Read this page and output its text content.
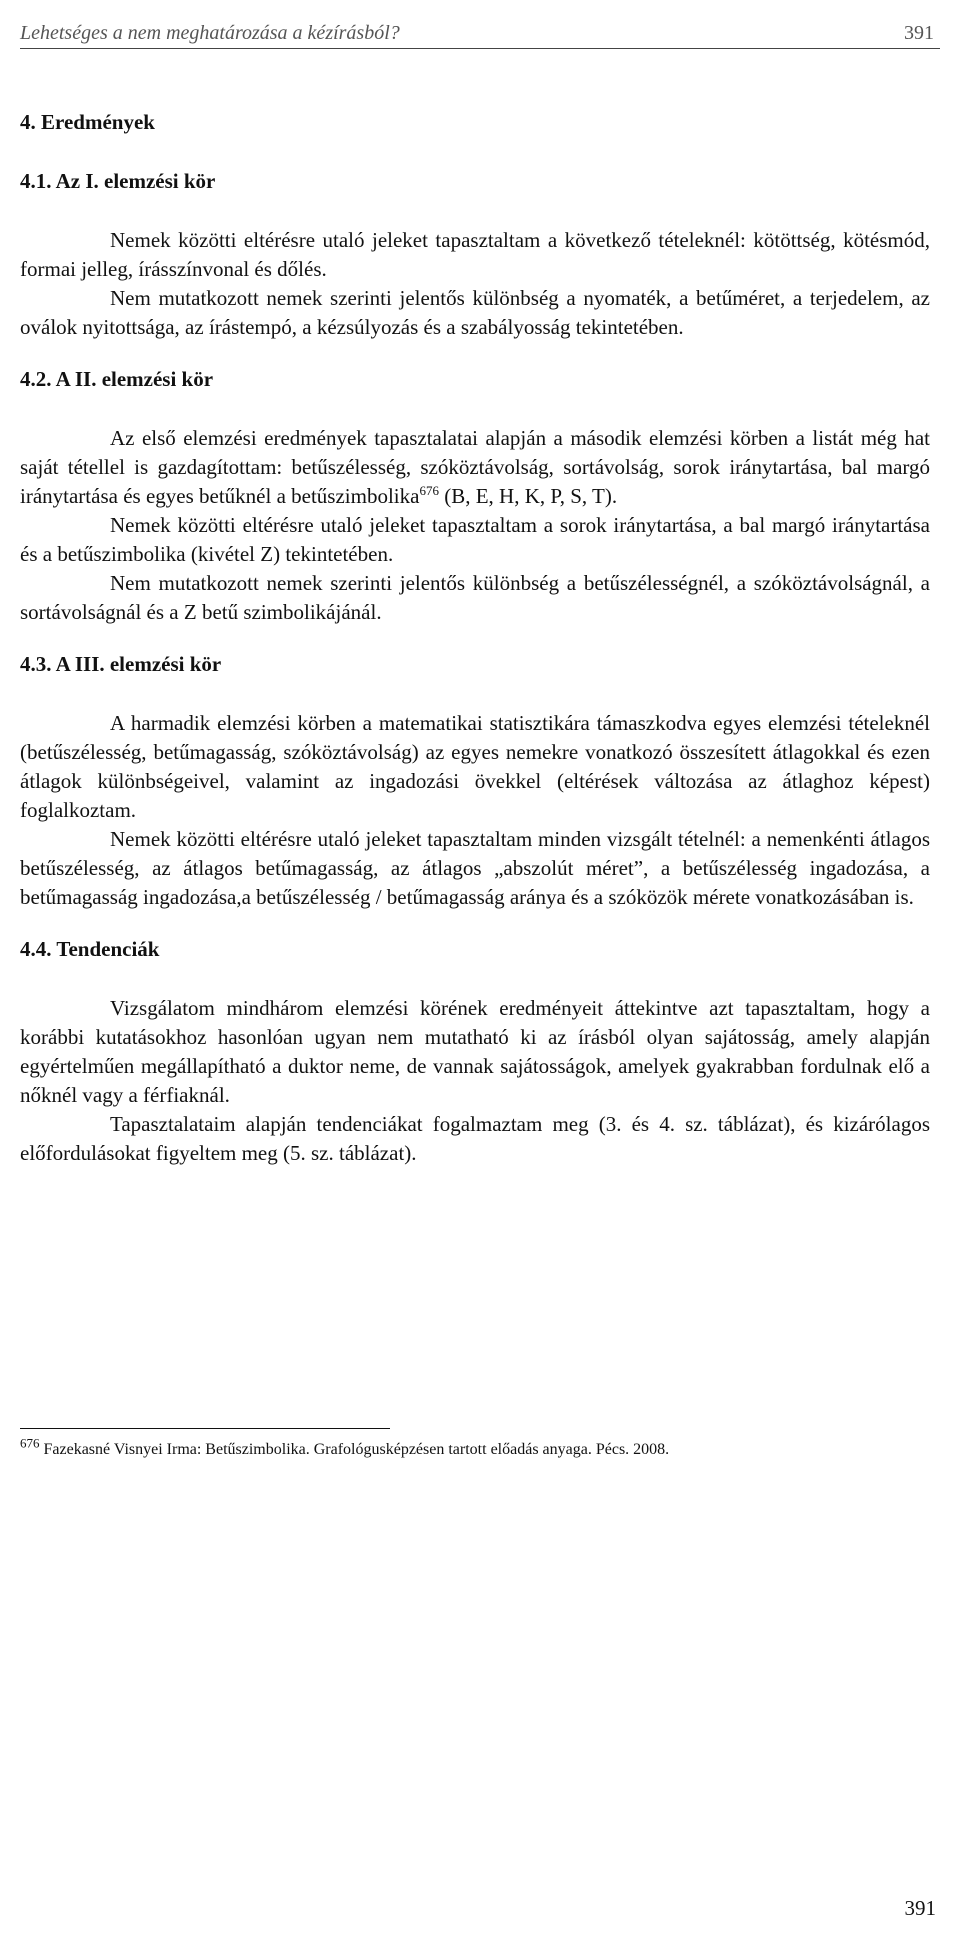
Lehetséges a nem meghatározása a kézírásból?	391
4. Eredmények
4.1. Az I. elemzési kör

Nemek közötti eltérésre utaló jeleket tapasztaltam a következő tételeknél: kötöttség, kötésmód, formai jelleg, írásszínvonal és dőlés.

Nem mutatkozott nemek szerinti jelentős különbség a nyomaték, a betűméret, a terjedelem, az oválok nyitottsága, az írástempó, a kézsúlyozás és a szabályosság tekintetében.

4.2. A II. elemzési kör

Az első elemzési eredmények tapasztalatai alapján a második elemzési körben a listát még hat saját tétellel is gazdagítottam: betűszélesség, szóköztávolság, sortávolság, sorok iránytartása, bal margó iránytartása és egyes betűknél a betűszimbolika$^{676}$ (B, E, H, K, P, S, T).

Nemek közötti eltérésre utaló jeleket tapasztaltam a sorok iránytartása, a bal margó iránytartása és a betűszimbolika (kivétel Z) tekintetében.

Nem mutatkozott nemek szerinti jelentős különbség a betűszélességnél, a szóköztávolságnál, a sortávolságnál és a Z betű szimbolikájánál.

4.3. A III. elemzési kör

A harmadik elemzési körben a matematikai statisztikára támaszkodva egyes elemzési tételeknél (betűszélesség, betűmagasság, szóköztávolság) az egyes nemekre vonatkozó összesített átlagokkal és ezen átlagok különbségeivel, valamint az ingadozási övekkel (eltérések változása az átlaghoz képest) foglalkoztam.

Nemek közötti eltérésre utaló jeleket tapasztaltam minden vizsgált tételnél: a nemenkénti átlagos betűszélesség, az átlagos betűmagasság, az átlagos „abszolút méret”, a betűszélesség ingadozása, a betűmagasság ingadozása,a betűszélesség / betűmagasság aránya és a szóközök mérete vonatkozásában is.

4.4. Tendenciák

Vizsgálatom mindhárom elemzési körének eredményeit áttekintve azt tapasztaltam, hogy a korábbi kutatásokhoz hasonlóan ugyan nem mutatható ki az írásból olyan sajátosság, amely alapján egyértelműen megállapítható a duktor neme, de vannak sajátosságok, amelyek gyakrabban fordulnak elő a nőknél vagy a férfiaknál.

Tapasztalataim alapján tendenciákat fogalmaztam meg (3. és 4. sz. táblázat), és kizárólagos előfordulásokat figyeltem meg (5. sz. táblázat).

$^{676}$ Fazekasné Visnyei Irma: Betűszimbolika. Grafológusképzésen tartott előadás anyaga. Pécs. 2008.
391
